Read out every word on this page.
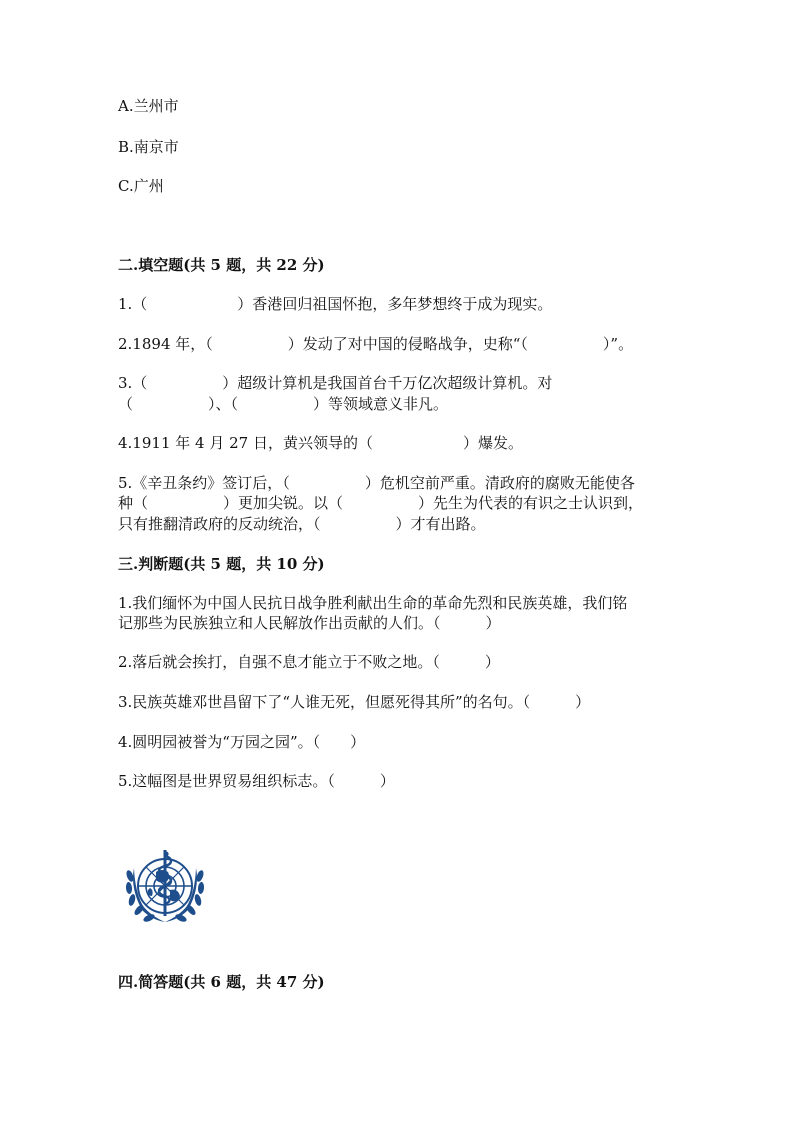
A.兰州市
B.南京市
C.广州
二.填空题(共 5 题，共 22 分)
1.（　　　　　　）香港回归祖国怀抱，多年梦想终于成为现实。
2.1894 年，（　　　　　）发动了对中国的侵略战争，史称“（　　　　　）”。
3.（　　　　　）超级计算机是我国首台千万亿次超级计算机。对
（　　　　　）、（　　　　　）等领域意义非凡。
4.1911 年 4 月 27 日，黄兴领导的（　　　　　　）爆发。
5.《辛丑条约》签订后，（　　　　　）危机空前严重。清政府的腐败无能使各
种（　　　　　）更加尖锐。以（　　　　　）先生为代表的有识之士认识到，
只有推翻清政府的反动统治，（　　　　　）才有出路。
三.判断题(共 5 题，共 10 分)
1.我们缅怀为中国人民抗日战争胜利献出生命的革命先烈和民族英雄，我们铭
记那些为民族独立和人民解放作出贡献的人们。（　　　）
2.落后就会挨打，自强不息才能立于不败之地。（　　　）
3.民族英雄邓世昌留下了“人谁无死，但愿死得其所”的名句。（　　　）
4.圆明园被誉为“万园之园”。（　　）
5.这幅图是世界贸易组织标志。（　　　）
四.简答题(共 6 题，共 47 分)
